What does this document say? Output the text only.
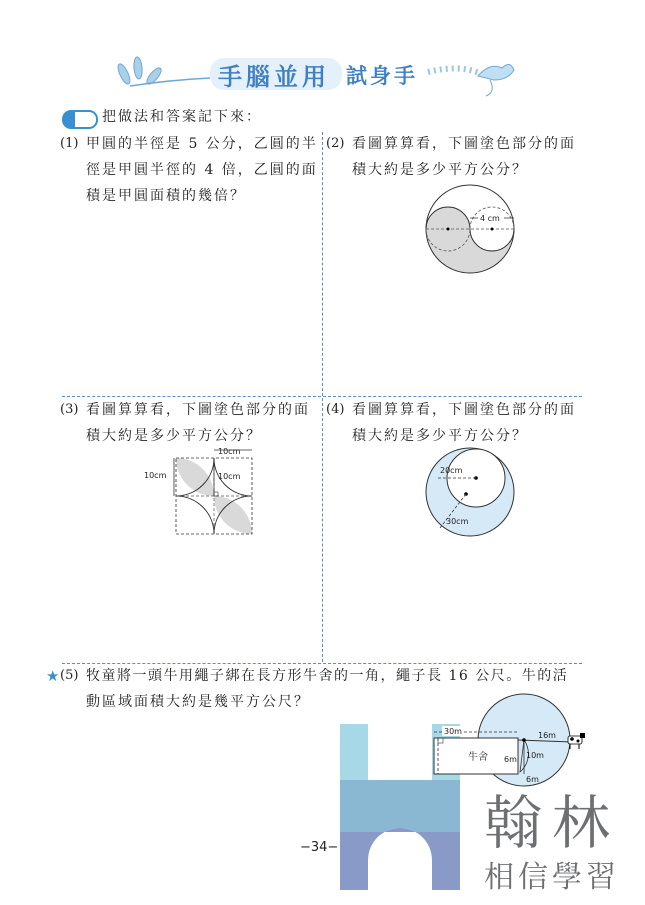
手腦並用 試身手
把做法和答案記下來：
(1) 甲圓的半徑是 5 公分，乙圓的半
徑是甲圓半徑的 4 倍，乙圓的面
積是甲圓面積的幾倍？
(2) 看圖算算看，下圖塗色部分的面
積大約是多少平方公分？
4 cm
(3) 看圖算算看，下圖塗色部分的面
積大約是多少平方公分？
10cm
10cm	10cm
(4) 看圖算算看，下圖塗色部分的面
積大約是多少平方公分？
20cm
30cm
★ (5) 牧童將一頭牛用繩子綁在長方形牛舍的一角，繩子長 16 公尺。牛的活
動區域面積大約是幾平方公尺？
30m	16m
10m
6m
6m
牛舍
−34−	翰林
相信學習
